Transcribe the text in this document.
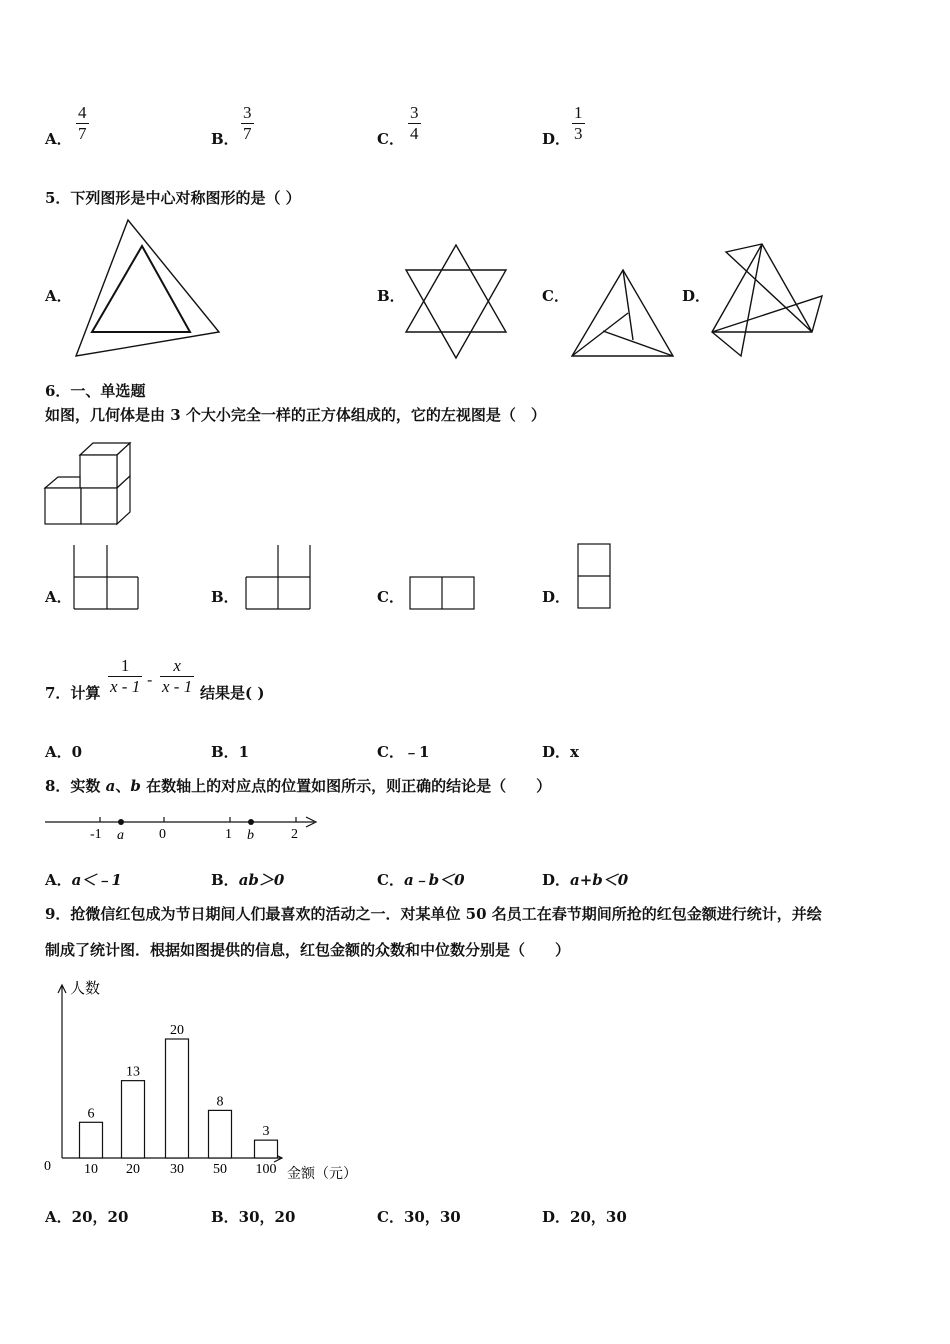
A．
4
7	B．
3
7	C．
3
4	D．
1
3
5．下列图形是中心对称图形的是（ ）
A．	B．	C．	D．
6．一、单选题
如图，几何体是由 3 个大小完全一样的正方体组成的，它的左视图是（　）
A．	B．	C．	D．
7．计算
1
x - 1 -
x
x - 1 结果是( )
A．0	B．1	C．﹣1	D．x
8．实数 a、b 在数轴上的对应点的位置如图所示，则正确的结论是（　　）
-1	0	1	2
a	b
A．a＜﹣1	B．ab＞0	C．a﹣b＜0	D．a+b＜0
9．抢微信红包成为节日期间人们最喜欢的活动之一．对某单位 50 名员工在春节期间所抢的红包金额进行统计，并绘
制成了统计图．根据如图提供的信息，红包金额的众数和中位数分别是（　　）
人数
金额（元）
0
6
10
13
20
20
30
8
50
3
100
A．20，20	B．30，20	C．30，30	D．20，30
